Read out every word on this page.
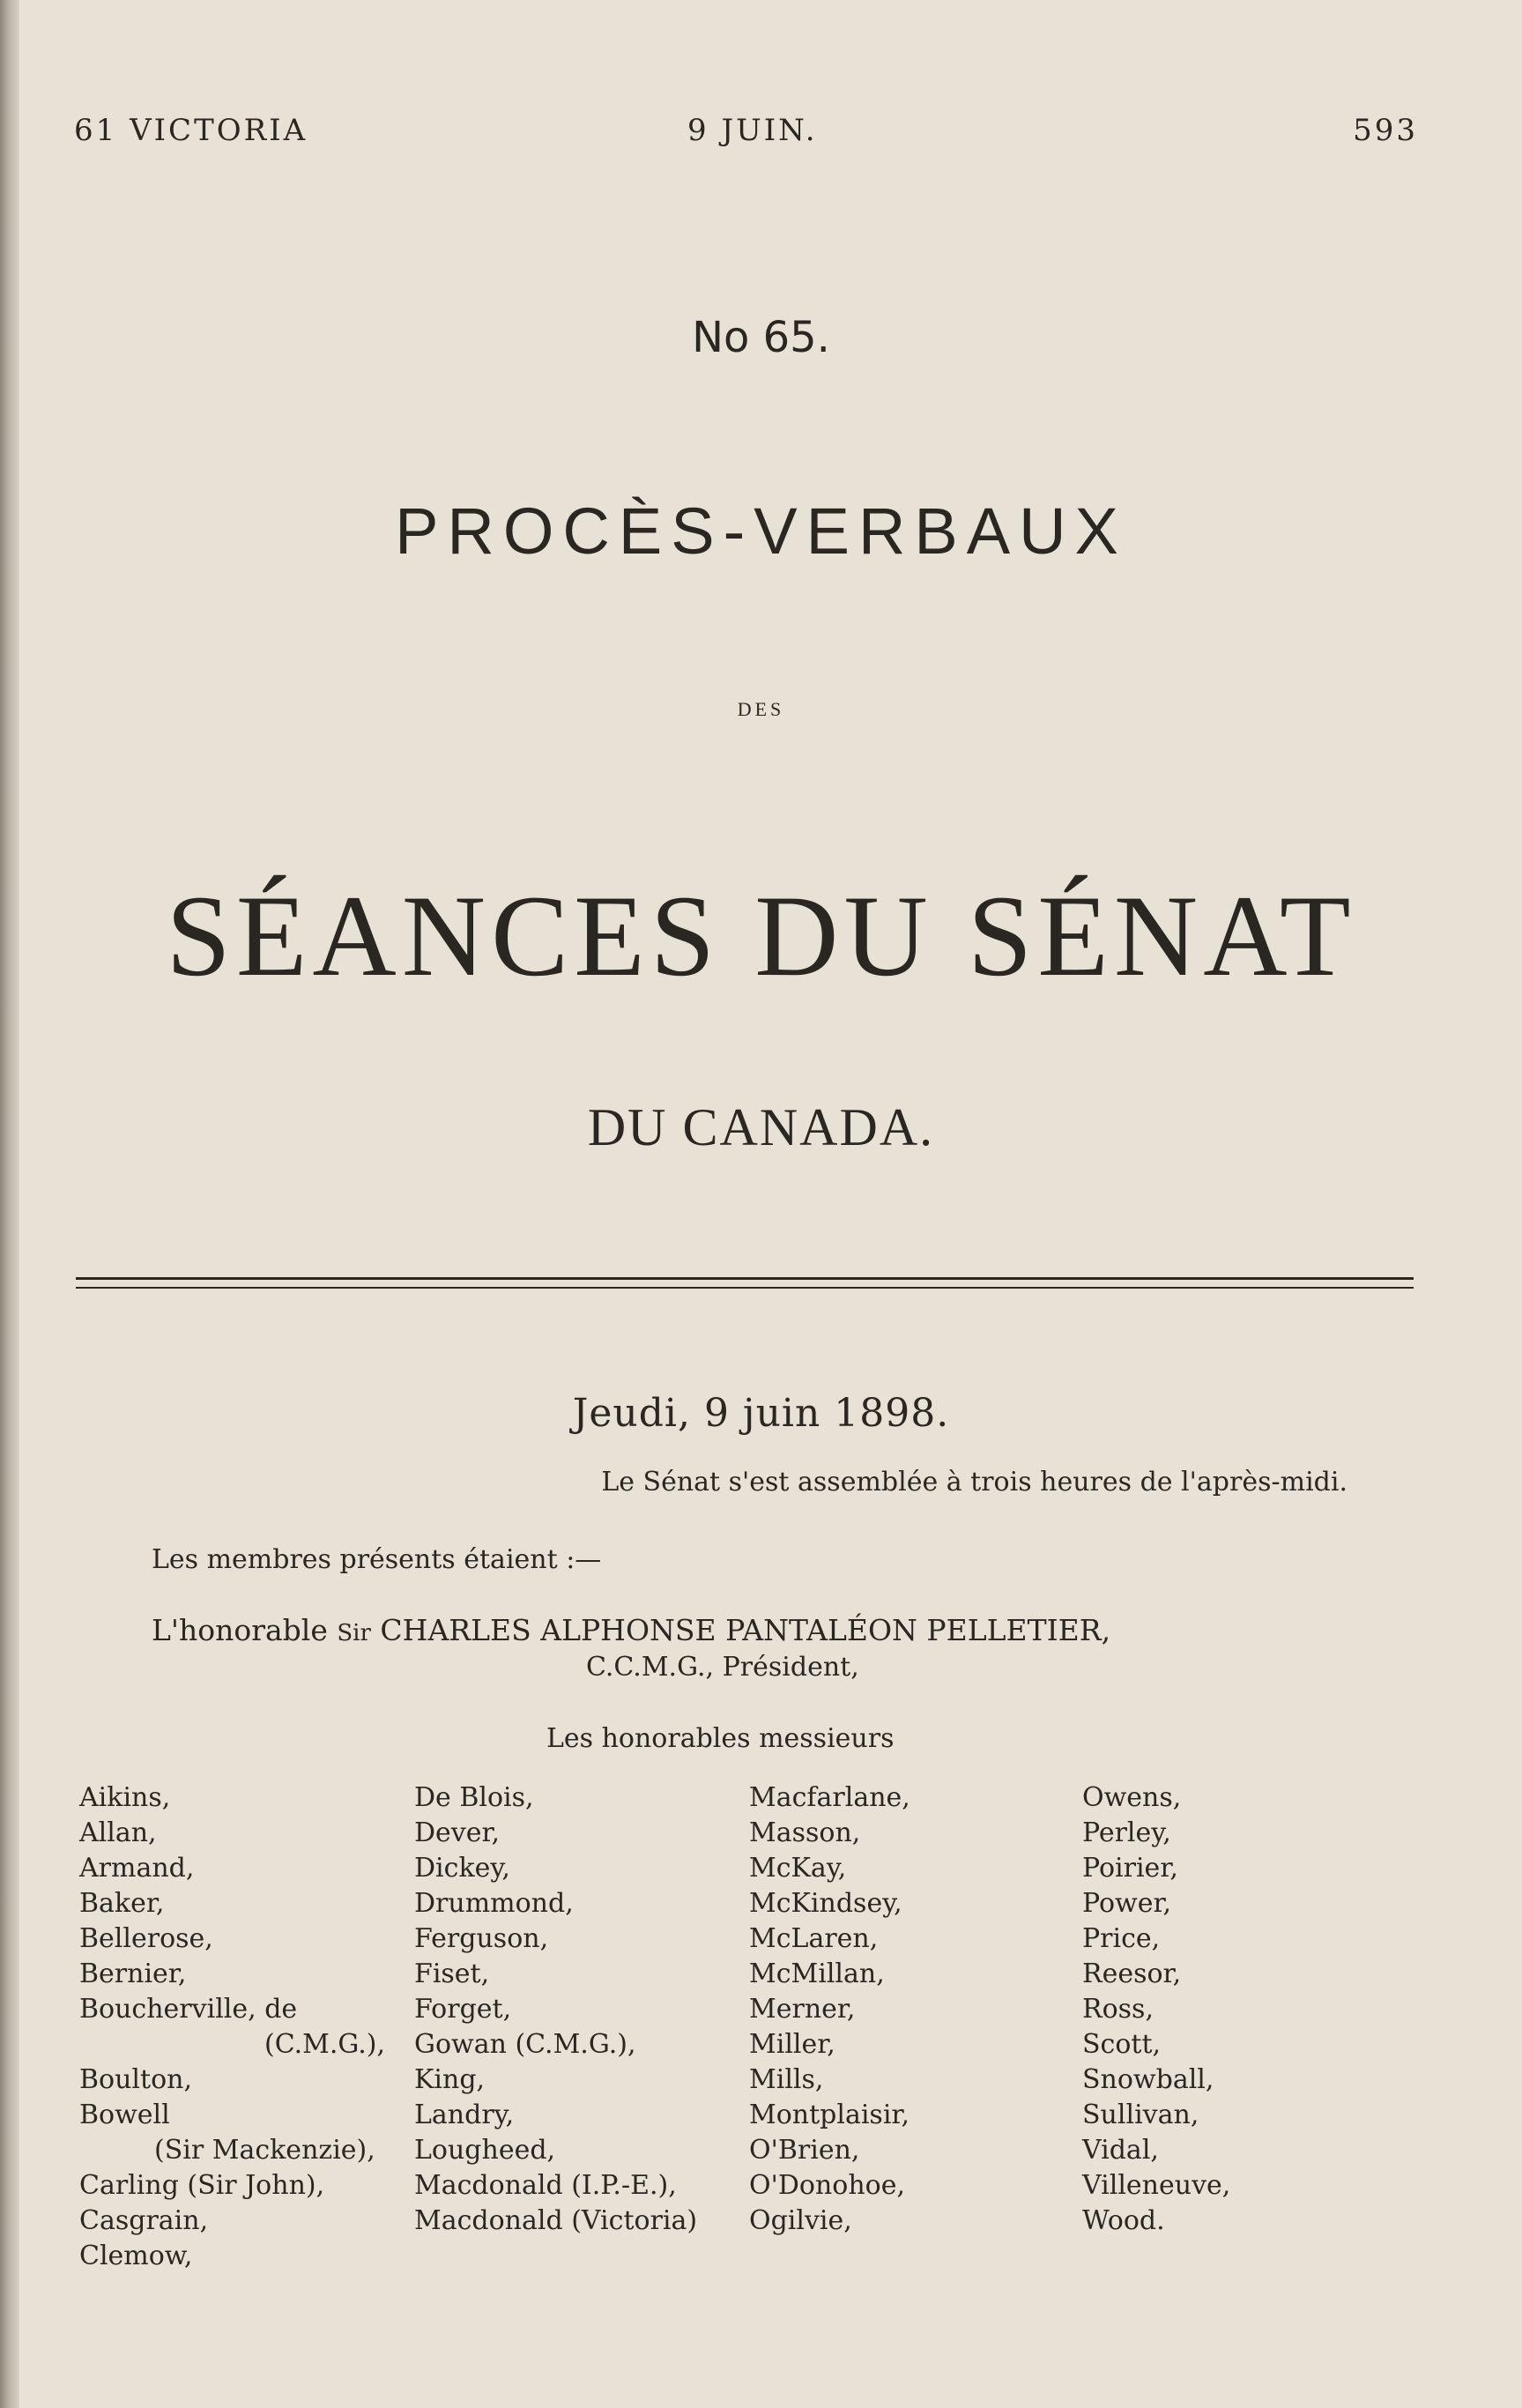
61 VICTORIA	9 JUIN.	593
No 65.
PROCÈS-VERBAUX
DES
SÉANCES DU SÉNAT
DU CANADA.
Jeudi, 9 juin 1898.
Le Sénat s'est assemblée à trois heures de l'après-midi.
Les membres présents étaient :—
L'honorable Sir CHARLES ALPHONSE PANTALÉON PELLETIER,
C.C.M.G., Président,
Les honorables messieurs
Aikins,
Allan,
Armand,
Baker,
Bellerose,
Bernier,
Boucherville, de
(C.M.G.),
Boulton,
Bowell
(Sir Mackenzie),
Carling (Sir John),
Casgrain,
Clemow,
De Blois,
Dever,
Dickey,
Drummond,
Ferguson,
Fiset,
Forget,
Gowan (C.M.G.),
King,
Landry,
Lougheed,
Macdonald (I.P.-E.),
Macdonald (Victoria)
Macfarlane,
Masson,
McKay,
McKindsey,
McLaren,
McMillan,
Merner,
Miller,
Mills,
Montplaisir,
O'Brien,
O'Donohoe,
Ogilvie,
Owens,
Perley,
Poirier,
Power,
Price,
Reesor,
Ross,
Scott,
Snowball,
Sullivan,
Vidal,
Villeneuve,
Wood.
